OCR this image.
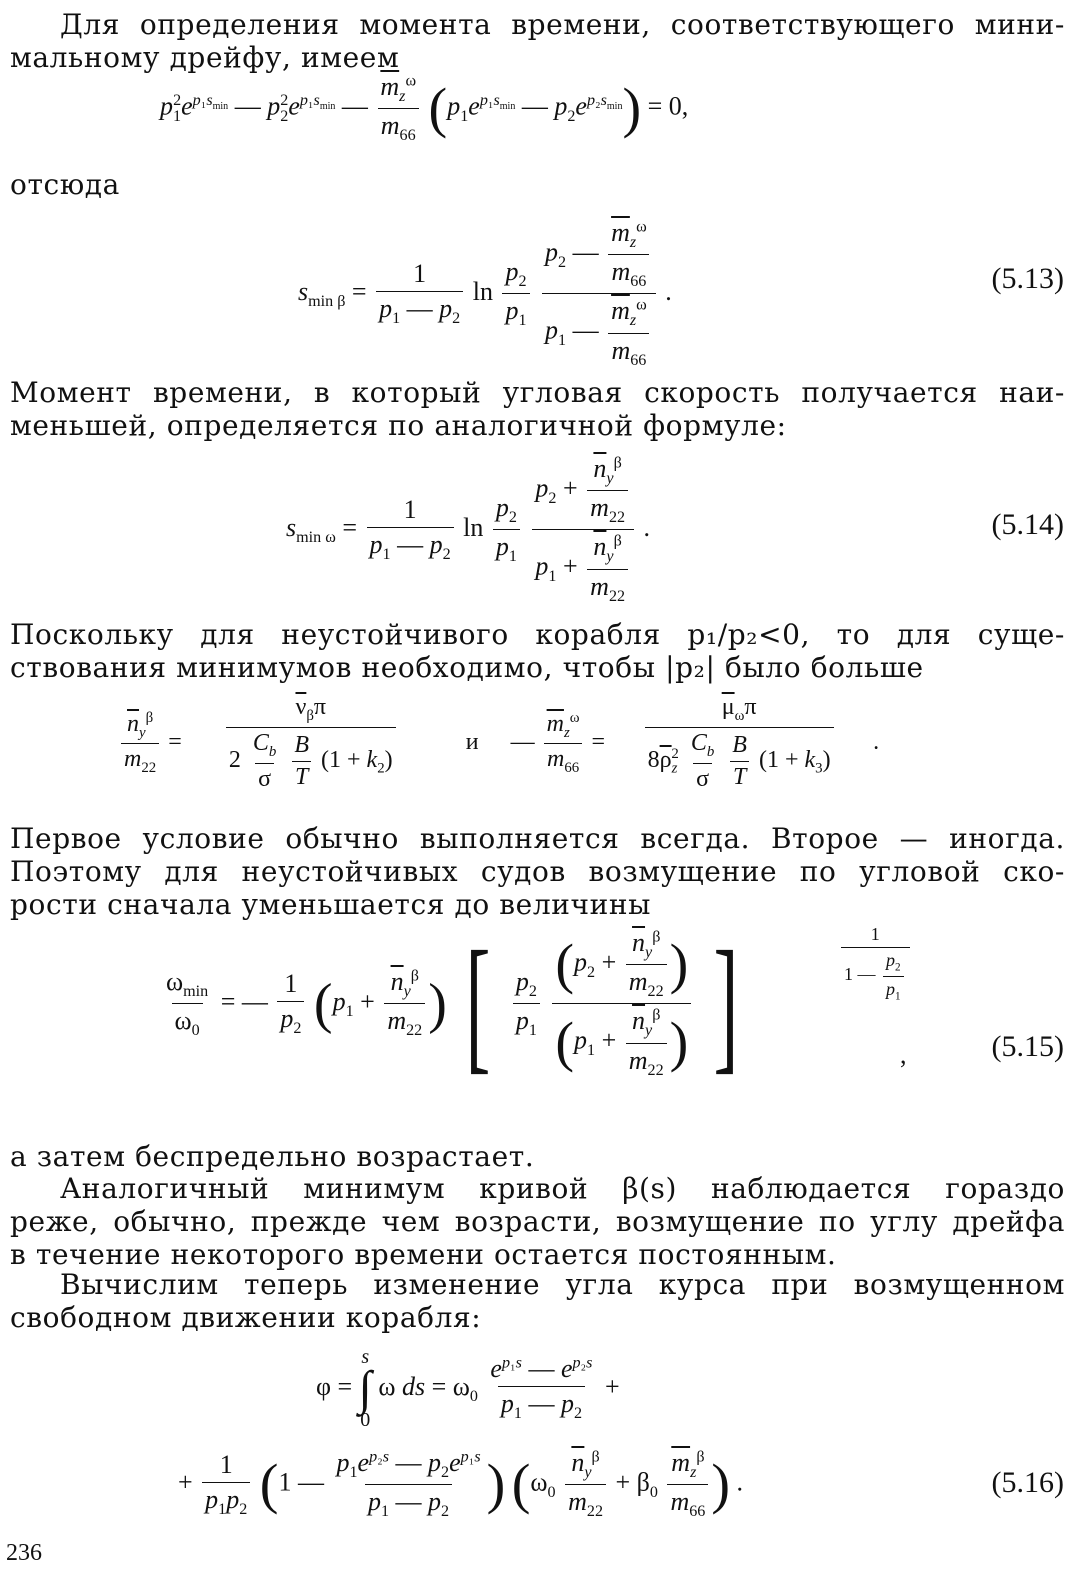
Для определения момента времени, соответствующего мини-
мальному дрейфу, имеем
$p_1^2e^{p_1s_{min}}$ — $p_2^2e^{p_1s_{min}}$ — $\frac{\overline{m}_z^\omega}{m_{66}} (p_1e^{p_1s_{min}}$ — $p_2e^{p_2s_{min}}) = 0$,
отсюда
$s_{min \beta} = \frac{1}{p_1 — p_2}$ $\ln \frac{p_2}{p_1}$
$\frac{p_2 — \frac{\overline{m}_z^\omega}{m_{66}}}{p_1 — \frac{\overline{m}_z^\omega}{m_{66}}}$ .	(5.13)
Момент времени, в который угловая скорость получается наи-
меньшей, определяется по аналогичной формуле:
$s_{min \omega} = \frac{1}{p_1 — p_2}$ $\ln \frac{p_2}{p_1}$
$\frac{p_2 + \frac{\overline{n}_y^\beta}{m_{22}}}{p_1 + \frac{\overline{n}_y^\beta}{m_{22}}}$ .	(5.14)
Поскольку для неустойчивого корабля p₁/p₂<0, то для суще-
ствования минимумов необходимо, чтобы |p₂| было больше
$\frac{\overline{n}_y^\beta}{m_{22}} = \overline{\nu}_\beta\pi$
$2 \frac{C_b}{\sigma}$
$\frac{B}{T} (1 + k_2)$ и — $\frac{\overline{m}_z^\omega}{m_{66}} = \overline{\mu}_\omega\pi$
$8\overline{\rho}_z^2 \frac{C_b}{\sigma}$
$\frac{B}{T} (1 + k_3)$ .
Первое условие обычно выполняется всегда. Второе — иногда.
Поэтому для неустойчивых судов возмущение по угловой ско-
рости сначала уменьшается до величины
$\frac{\omega_{min}}{\omega_0}$ = — $\frac{1}{p_2} (p_1 + \frac{\overline{n}_y^\beta}{m_{22}}$ ) [ $\frac{p_2}{p_1}$
$\frac{(p_2 + \frac{\overline{n}_y^\beta}{m_{22}} )}{(p_1 + \frac{\overline{n}_y^\beta}{m_{22}} )}$ ]	$\frac{1}{1 — \frac{p_2}{p_1}}$
,	(5.15)
а затем беспредельно возрастает.
Аналогичный минимум кривой β(s) наблюдается гораздо
реже, обычно, прежде чем возрасти, возмущение по углу дрейфа
в течение некоторого времени остается постоянным.
Вычислим теперь изменение угла курса при возмущенном
свободном движении корабля:
φ =
s
∫
0
ω ds = $\omega_0 \frac{e^{p_1s} — e^{p_2s}}{p_1 — p_2}$ +
+ $\frac{1}{p_1p_2} (1$ — $\frac{p_1e^{p_2s} — p_2e^{p_1s}}{p_1 — p_2}$ ) ($\omega_0 \frac{\overline{n}_y^\beta}{m_{22}} + \beta_0 \frac{\overline{m}_z^\beta}{m_{66}}$ ) .	(5.16)
236
